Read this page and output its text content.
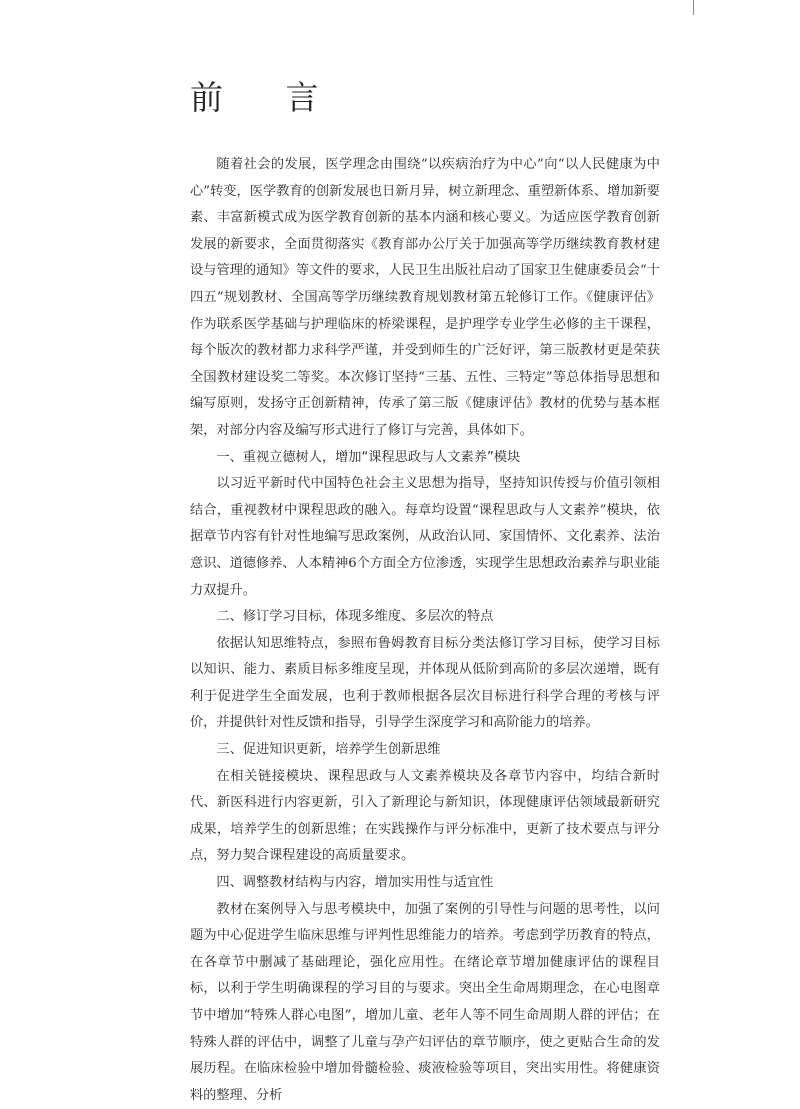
前 言

随着社会的发展，医学理念由围绕“以疾病治疗为中心”向“以人民健康为中心”转变，医学教育的创新发展也日新月异，树立新理念、重塑新体系、增加新要素、丰富新模式成为医学教育创新的基本内涵和核心要义。为适应医学教育创新发展的新要求，全面贯彻落实《教育部办公厅关于加强高等学历继续教育教材建设与管理的通知》等文件的要求，人民卫生出版社启动了国家卫生健康委员会“十四五”规划教材、全国高等学历继续教育规划教材第五轮修订工作。《健康评估》作为联系医学基础与护理临床的桥梁课程，是护理学专业学生必修的主干课程，每个版次的教材都力求科学严谨，并受到师生的广泛好评，第三版教材更是荣获全国教材建设奖二等奖。本次修订坚持“三基、五性、三特定”等总体指导思想和编写原则，发扬守正创新精神，传承了第三版《健康评估》教材的优势与基本框架，对部分内容及编写形式进行了修订与完善，具体如下。

一、重视立德树人，增加“课程思政与人文素养”模块

以习近平新时代中国特色社会主义思想为指导，坚持知识传授与价值引领相结合，重视教材中课程思政的融入。每章均设置“课程思政与人文素养”模块，依据章节内容有针对性地编写思政案例，从政治认同、家国情怀、文化素养、法治意识、道德修养、人本精神6个方面全方位渗透，实现学生思想政治素养与职业能力双提升。

二、修订学习目标，体现多维度、多层次的特点

依据认知思维特点，参照布鲁姆教育目标分类法修订学习目标，使学习目标以知识、能力、素质目标多维度呈现，并体现从低阶到高阶的多层次递增，既有利于促进学生全面发展，也利于教师根据各层次目标进行科学合理的考核与评价，并提供针对性反馈和指导，引导学生深度学习和高阶能力的培养。

三、促进知识更新，培养学生创新思维

在相关链接模块、课程思政与人文素养模块及各章节内容中，均结合新时代、新医科进行内容更新，引入了新理论与新知识，体现健康评估领域最新研究成果，培养学生的创新思维；在实践操作与评分标准中，更新了技术要点与评分点，努力契合课程建设的高质量要求。

四、调整教材结构与内容，增加实用性与适宜性

教材在案例导入与思考模块中，加强了案例的引导性与问题的思考性，以问题为中心促进学生临床思维与评判性思维能力的培养。考虑到学历教育的特点，在各章节中删减了基础理论，强化应用性。在绪论章节增加健康评估的课程目标，以利于学生明确课程的学习目的与要求。突出全生命周期理念，在心电图章节中增加“特殊人群心电图”，增加儿童、老年人等不同生命周期人群的评估；在特殊人群的评估中，调整了儿童与孕产妇评估的章节顺序，使之更贴合生命的发展历程。在临床检验中增加骨髓检验、痰液检验等项目，突出实用性。将健康资料的整理、分析
